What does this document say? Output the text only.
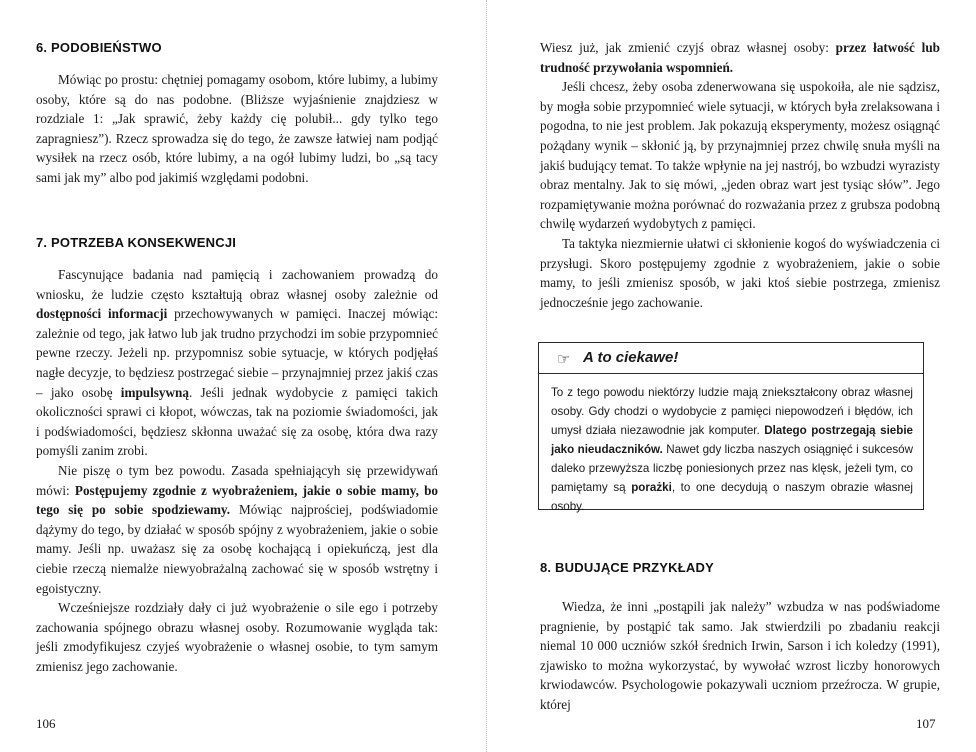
6. PODOBIEŃSTWO
Mówiąc po prostu: chętniej pomagamy osobom, które lubimy, a lubimy osoby, które są do nas podobne. (Bliższe wyjaśnienie znajdziesz w rozdziale 1: „Jak sprawić, żeby każdy cię polubił... gdy tylko tego zapragniesz”). Rzecz sprowadza się do tego, że zawsze łatwiej nam podjąć wysiłek na rzecz osób, które lubimy, a na ogół lubimy ludzi, bo „są tacy sami jak my” albo pod jakimiś względami podobni.
7. POTRZEBA KONSEKWENCJI

Fascynujące badania nad pamięcią i zachowaniem prowadzą do wniosku, że ludzie często kształtują obraz własnej osoby zależnie od dostępności informacji przechowywanych w pamięci. Inaczej mówiąc: zależnie od tego, jak łatwo lub jak trudno przychodzi im sobie przypomnieć pewne rzeczy. Jeżeli np. przypomnisz sobie sytuacje, w których podjęłaś nagłe decyzje, to będziesz postrzegać siebie – przynajmniej przez jakiś czas – jako osobę impulsywną. Jeśli jednak wydobycie z pamięci takich okoliczności sprawi ci kłopot, wówczas, tak na poziomie świadomości, jak i podświadomości, będziesz skłonna uważać się za osobę, która dwa razy pomyśli zanim zrobi.

Nie piszę o tym bez powodu. Zasada spełniającyh się przewidywań mówi: Postępujemy zgodnie z wyobrażeniem, jakie o sobie mamy, bo tego się po sobie spodziewamy. Mówiąc najprościej, podświadomie dążymy do tego, by działać w sposób spójny z wyobrażeniem, jakie o sobie mamy. Jeśli np. uważasz się za osobę kochającą i opiekuńczą, jest dla ciebie rzeczą niemalże niewyobrażalną zachować się w sposób wstrętny i egoistyczny.

Wcześniejsze rozdziały dały ci już wyobrażenie o sile ego i potrzeby zachowania spójnego obrazu własnej osoby. Rozumowanie wygląda tak: jeśli zmodyfikujesz czyjeś wyobrażenie o własnej osobie, to tym samym zmienisz jego zachowanie.

106

Wiesz już, jak zmienić czyjś obraz własnej osoby: przez łatwość lub trudność przywołania wspomnień.

Jeśli chcesz, żeby osoba zdenerwowana się uspokoiła, ale nie sądzisz, by mogła sobie przypomnieć wiele sytuacji, w których była zrelaksowana i pogodna, to nie jest problem. Jak pokazują eksperymenty, możesz osiągnąć pożądany wynik – skłonić ją, by przynajmniej przez chwilę snuła myśli na jakiś budujący temat. To także wpłynie na jej nastrój, bo wzbudzi wyrazisty obraz mentalny. Jak to się mówi, „jeden obraz wart jest tysiąc słów”. Jego rozpamiętywanie można porównać do rozważania przez z grubsza podobną chwilę wydarzeń wydobytych z pamięci.

Ta taktyka niezmiernie ułatwi ci skłonienie kogoś do wyświadczenia ci przysługi. Skoro postępujemy zgodnie z wyobrażeniem, jakie o sobie mamy, to jeśli zmienisz sposób, w jaki ktoś siebie postrzega, zmienisz jednocześnie jego zachowanie.

☞ A to ciekawe!
To z tego powodu niektórzy ludzie mają zniekształcony obraz własnej osoby. Gdy chodzi o wydobycie z pamięci niepowodzeń i błędów, ich umysł działa niezawodnie jak komputer. Dlatego postrzegają siebie jako nieudaczników. Nawet gdy liczba naszych osiągnięć i sukcesów daleko przewyższa liczbę poniesionych przez nas klęsk, jeżeli tym, co pamiętamy są porażki, to one decydują o naszym obrazie własnej osoby.
8. BUDUJĄCE PRZYKŁADY
Wiedza, że inni „postąpili jak należy” wzbudza w nas podświadome pragnienie, by postąpić tak samo. Jak stwierdzili po zbadaniu reakcji niemal 10 000 uczniów szkół średnich Irwin, Sarson i ich koledzy (1991), zjawisko to można wykorzystać, by wywołać wzrost liczby honorowych krwiodawców. Psychologowie pokazywali uczniom przeźrocza. W grupie, której
107
